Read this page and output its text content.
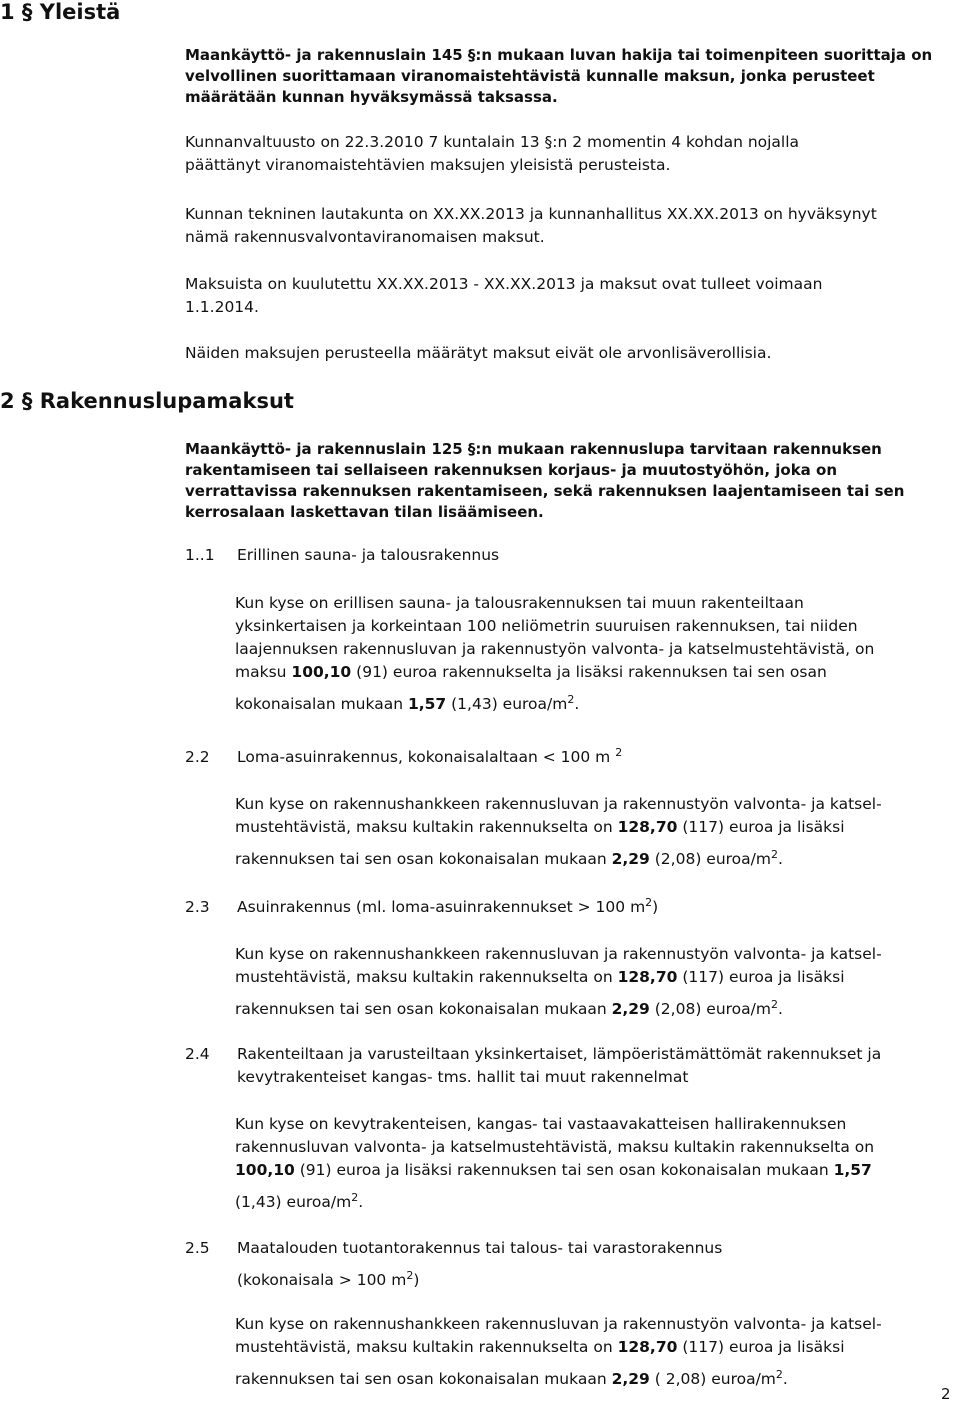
1 § Yleistä

Maankäyttö- ja rakennuslain 145 §:n mukaan luvan hakija tai toimenpiteen suorittaja on velvollinen suorittamaan viranomaistehtävistä kunnalle maksun, jonka perusteet määrätään kunnan hyväksymässä taksassa.

Kunnanvaltuusto on 22.3.2010 7 kuntalain 13 §:n 2 momentin 4 kohdan nojalla

päättänyt viranomaistehtävien maksujen yleisistä perusteista.

Kunnan tekninen lautakunta on XX.XX.2013 ja kunnanhallitus XX.XX.2013 on hyväksynyt

nämä rakennusvalvontaviranomaisen maksut.

Maksuista on kuulutettu XX.XX.2013 - XX.XX.2013 ja maksut ovat tulleet voimaan

1.1.2014.

Näiden maksujen perusteella määrätyt maksut eivät ole arvonlisäverollisia.

2 § Rakennuslupamaksut

Maankäyttö- ja rakennuslain 125 §:n mukaan rakennuslupa tarvitaan rakennuksen rakentamiseen tai sellaiseen rakennuksen korjaus- ja muutostyöhön, joka on verrattavissa rakennuksen rakentamiseen, sekä rakennuksen laajentamiseen tai sen kerrosalaan laskettavan tilan lisäämiseen.

1..1 Erillinen sauna- ja talousrakennus

Kun kyse on erillisen sauna- ja talousrakennuksen tai muun rakenteiltaan

yksinkertaisen ja korkeintaan 100 neliömetrin suuruisen rakennuksen, tai niiden

laajennuksen rakennusluvan ja rakennustyön valvonta- ja katselmustehtävistä, on

maksu 100,10 (91) euroa rakennukselta ja lisäksi rakennuksen tai sen osan

kokonaisalan mukaan 1,57 (1,43) euroa/$m^2$.

2.2 Loma-asuinrakennus, kokonaisalaltaan < 100 m $^2$

Kun kyse on rakennushankkeen rakennusluvan ja rakennustyön valvonta- ja katsel-

mustehtävistä, maksu kultakin rakennukselta on 128,70 (117) euroa ja lisäksi

rakennuksen tai sen osan kokonaisalan mukaan 2,29 (2,08) euroa/$m^2$.

2.3 Asuinrakennus (ml. loma-asuinrakennukset > 100 $m^2$)

Kun kyse on rakennushankkeen rakennusluvan ja rakennustyön valvonta- ja katsel-

mustehtävistä, maksu kultakin rakennukselta on 128,70 (117) euroa ja lisäksi

rakennuksen tai sen osan kokonaisalan mukaan 2,29 (2,08) euroa/$m^2$.

2.4 Rakenteiltaan ja varusteiltaan yksinkertaiset, lämpöeristämättömät rakennukset ja
kevytrakenteiset kangas- tms. hallit tai muut rakennelmat

Kun kyse on kevytrakenteisen, kangas- tai vastaavakatteisen hallirakennuksen

rakennusluvan valvonta- ja katselmustehtävistä, maksu kultakin rakennukselta on

100,10 (91) euroa ja lisäksi rakennuksen tai sen osan kokonaisalan mukaan 1,57

(1,43) euroa/$m^2$.

2.5 Maatalouden tuotantorakennus tai talous- tai varastorakennus
(kokonaisala > 100 $m^2$)

Kun kyse on rakennushankkeen rakennusluvan ja rakennustyön valvonta- ja katsel-

mustehtävistä, maksu kultakin rakennukselta on 128,70 (117) euroa ja lisäksi

rakennuksen tai sen osan kokonaisalan mukaan 2,29 ( 2,08) euroa/$m^2$.

2
